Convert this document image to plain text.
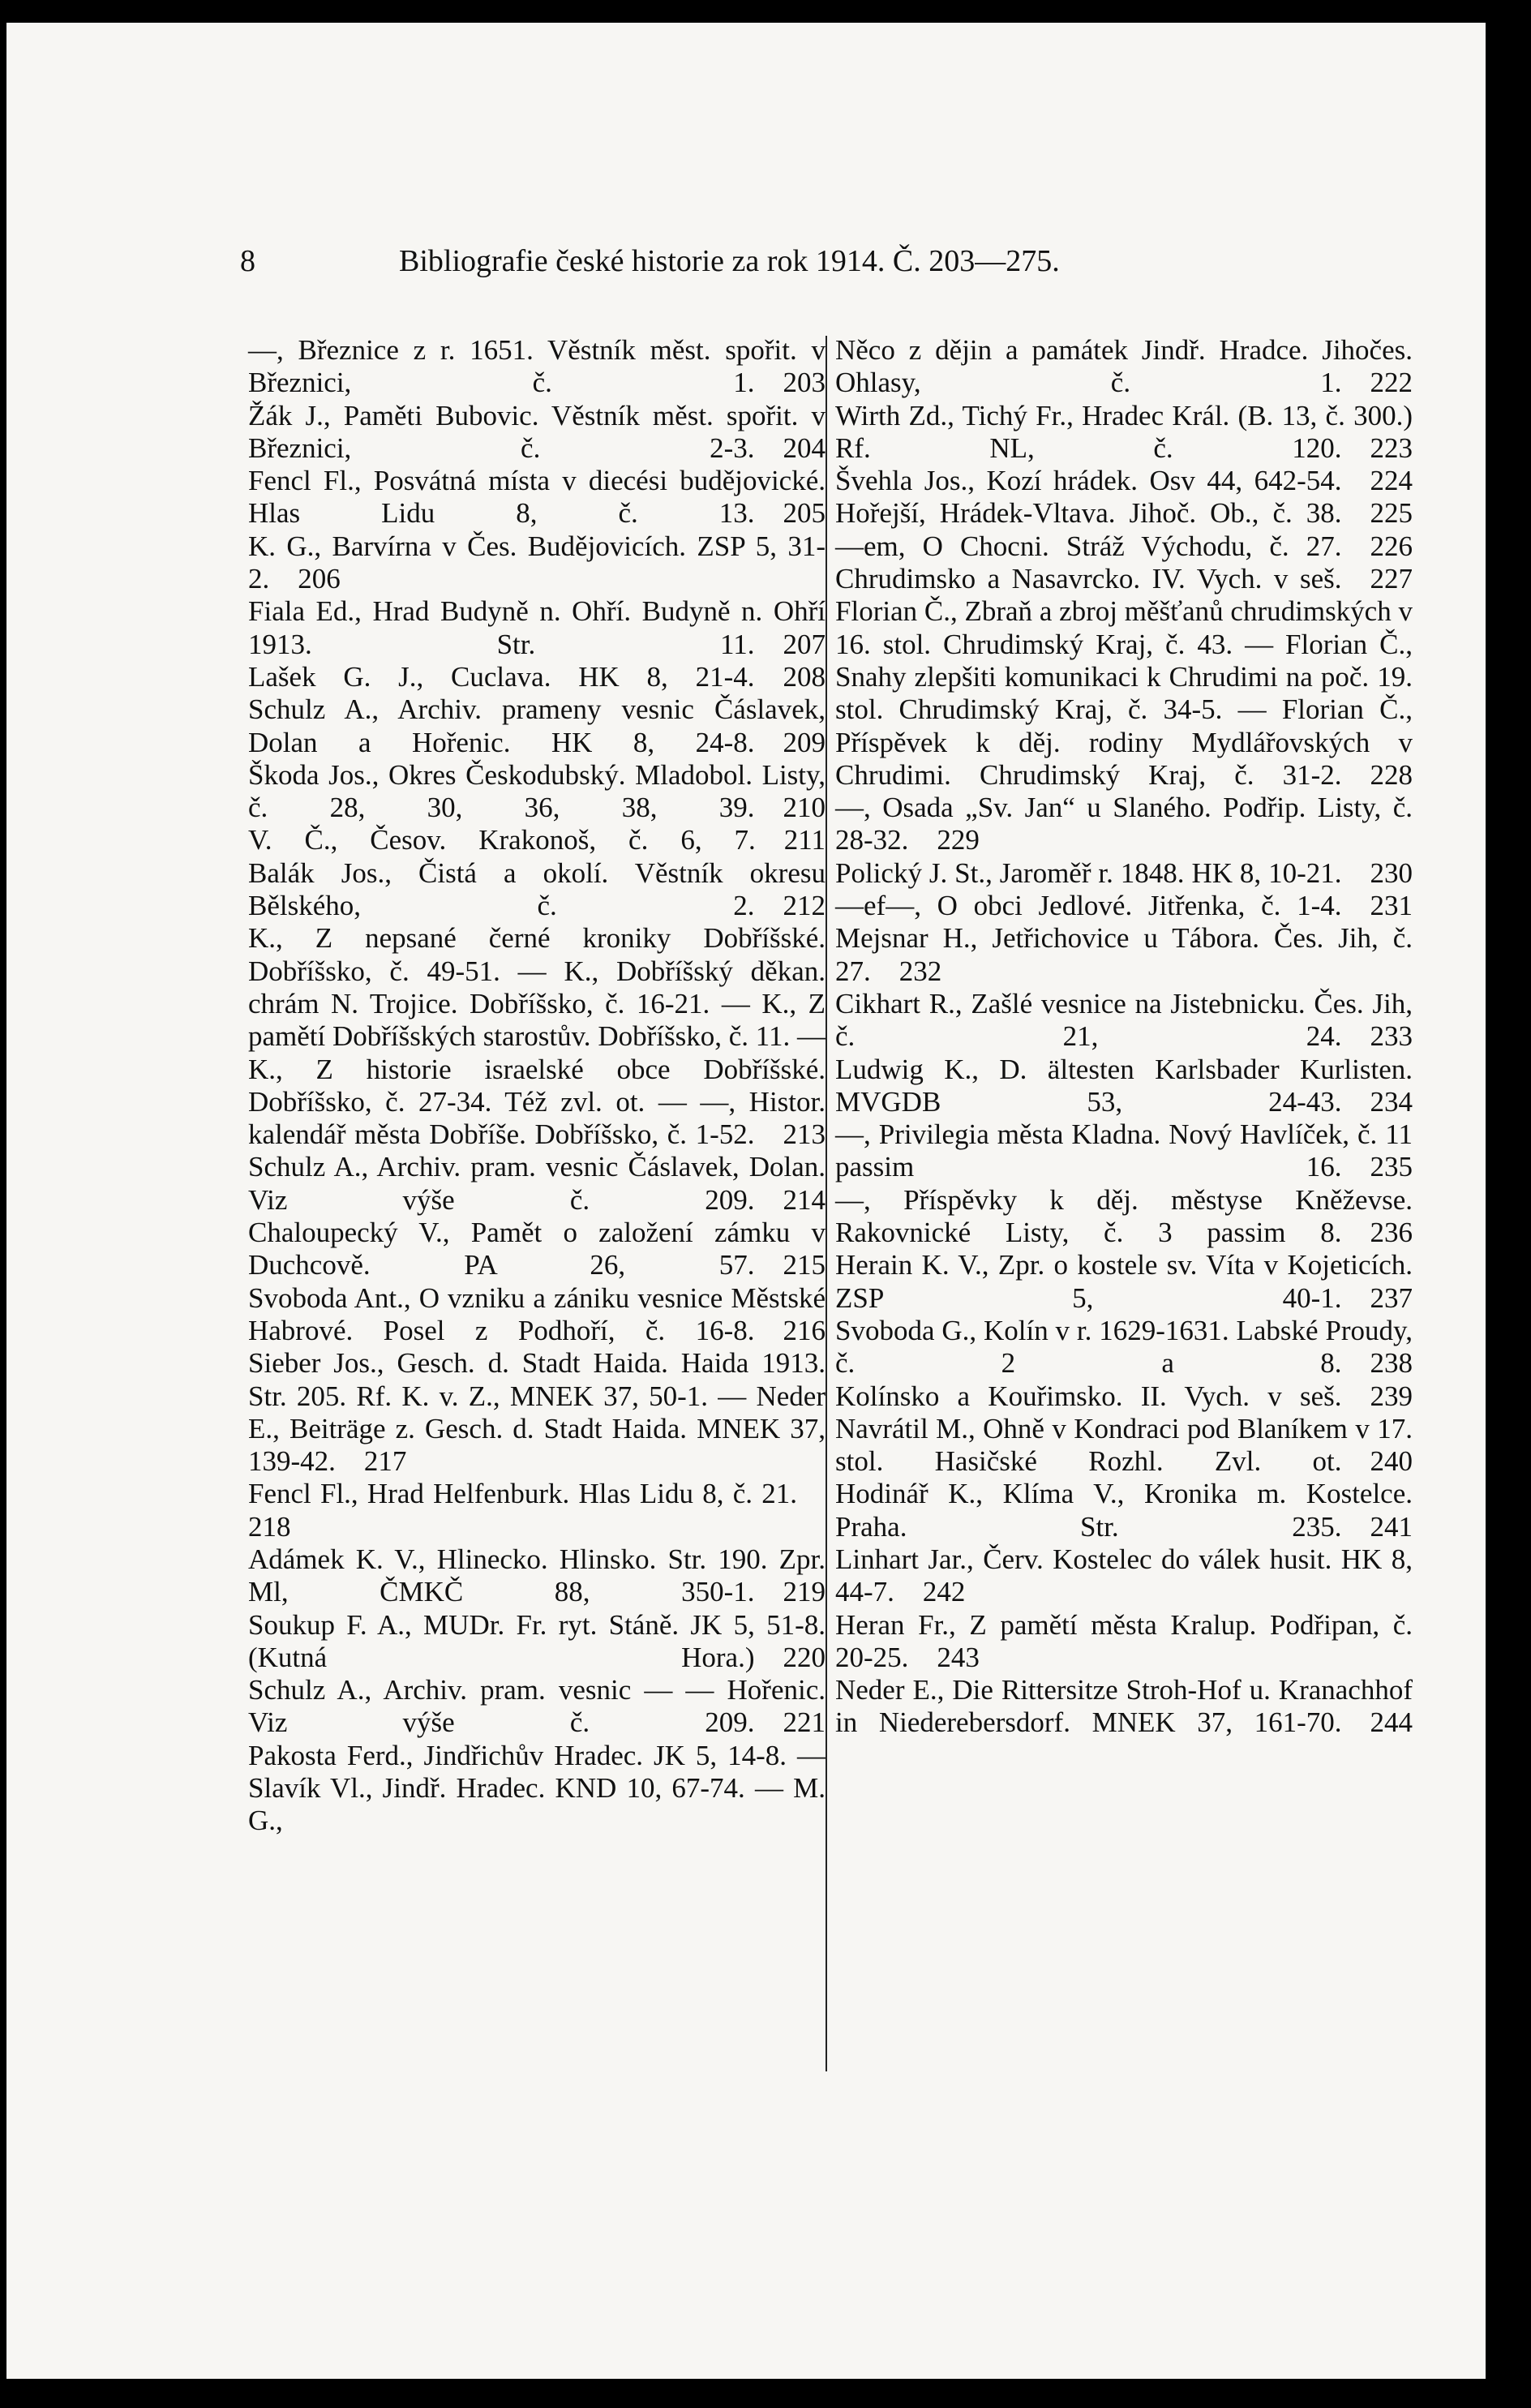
8	Bibliografie české historie za rok 1914. Č. 203—275.

—, Březnice z r. 1651. Věstník měst. spořit. v Březnici, č. 1.  203

Žák J., Paměti Bubovic. Věstník měst. spořit. v Březnici, č. 2-3.  204

Fencl Fl., Posvátná místa v diecési budějovické. Hlas Lidu 8, č. 13.  205

K. G., Barvírna v Čes. Budějovicích. ZSP 5, 31-2.  206

Fiala Ed., Hrad Budyně n. Ohří. Budyně n. Ohří 1913. Str. 11.  207

Lašek G. J., Cuclava. HK 8, 21-4.  208

Schulz A., Archiv. prameny vesnic Čáslavek, Dolan a Hořenic. HK 8, 24-8.  209

Škoda Jos., Okres Českodubský. Mladobol. Listy, č. 28, 30, 36, 38, 39.  210

V. Č., Česov. Krakonoš, č. 6, 7.  211

Balák Jos., Čistá a okolí. Věstník okresu Bělského, č. 2.  212

K., Z nepsané černé kroniky Dobříšské. Dobříšsko, č. 49-51. — K., Dobříšský děkan. chrám N. Trojice. Dobříšsko, č. 16-21. — K., Z pamětí Dobříšských starostův. Dobříšsko, č. 11. — K., Z historie israelské obce Dobříšské. Dobříšsko, č. 27-34. Též zvl. ot. — —, Histor. kalendář města Dobříše. Dobříšsko, č. 1-52.  213

Schulz A., Archiv. pram. vesnic Čáslavek, Dolan. Viz výše č. 209.  214

Chaloupecký V., Pamět o založení zámku v Duchcově. PA 26, 57.  215

Svoboda Ant., O vzniku a zániku vesnice Městské Habrové. Posel z Podhoří, č. 16-8.  216

Sieber Jos., Gesch. d. Stadt Haida. Haida 1913. Str. 205. Rf. K. v. Z., MNEK 37, 50-1. — Neder E., Beiträge z. Gesch. d. Stadt Haida. MNEK 37, 139-42.  217

Fencl Fl., Hrad Helfenburk. Hlas Lidu 8, č. 21. 218

Adámek K. V., Hlinecko. Hlinsko. Str. 190. Zpr. Ml, ČMKČ 88, 350-1.  219

Soukup F. A., MUDr. Fr. ryt. Stáně. JK 5, 51-8. (Kutná Hora.)  220

Schulz A., Archiv. pram. vesnic — — Hořenic. Viz výše č. 209.  221

Pakosta Ferd., Jindřichův Hradec. JK 5, 14-8. — Slavík Vl., Jindř. Hradec. KND 10, 67-74. — M. G.,

Něco z dějin a památek Jindř. Hradce. Jihočes. Ohlasy, č. 1.  222

Wirth Zd., Tichý Fr., Hradec Král. (B. 13, č. 300.) Rf. NL, č. 120.  223

Švehla Jos., Kozí hrádek. Osv 44, 642-54.  224

Hořejší, Hrádek-Vltava. Jihoč. Ob., č. 38.  225

—em, O Chocni. Stráž Východu, č. 27.  226

Chrudimsko a Nasavrcko. IV. Vych. v seš.  227

Florian Č., Zbraň a zbroj měšťanů chrudimských v 16. stol. Chrudimský Kraj, č. 43. — Florian Č., Snahy zlepšiti komunikaci k Chrudimi na poč. 19. stol. Chrudimský Kraj, č. 34-5. — Florian Č., Příspěvek k děj. rodiny Mydlářovských v Chrudimi. Chrudimský Kraj, č. 31-2.  228

—, Osada „Sv. Jan“ u Slaného. Podřip. Listy, č. 28-32.  229

Polický J. St., Jaroměř r. 1848. HK 8, 10-21.  230

—ef—, O obci Jedlové. Jitřenka, č. 1-4.  231

Mejsnar H., Jetřichovice u Tábora. Čes. Jih, č. 27.  232

Cikhart R., Zašlé vesnice na Jistebnicku. Čes. Jih, č. 21, 24.  233

Ludwig K., D. ältesten Karlsbader Kurlisten. MVGDB 53, 24-43.  234

—, Privilegia města Kladna. Nový Havlíček, č. 11 passim 16.  235

—, Příspěvky k děj. městyse Kněževse. Rakovnické Listy, č. 3 passim 8.  236

Herain K. V., Zpr. o kostele sv. Víta v Kojeticích. ZSP 5, 40-1.  237

Svoboda G., Kolín v r. 1629-1631. Labské Proudy, č. 2 a 8.  238

Kolínsko a Kouřimsko. II. Vych. v seš.  239

Navrátil M., Ohně v Kondraci pod Blaníkem v 17. stol. Hasičské Rozhl. Zvl. ot.  240

Hodinář K., Klíma V., Kronika m. Kostelce. Praha. Str. 235.  241

Linhart Jar., Červ. Kostelec do válek husit. HK 8, 44-7.  242

Heran Fr., Z pamětí města Kralup. Podřipan, č. 20-25.  243

Neder E., Die Rittersitze Stroh-Hof u. Kranachhof in Niederebersdorf. MNEK 37, 161-70.  244
